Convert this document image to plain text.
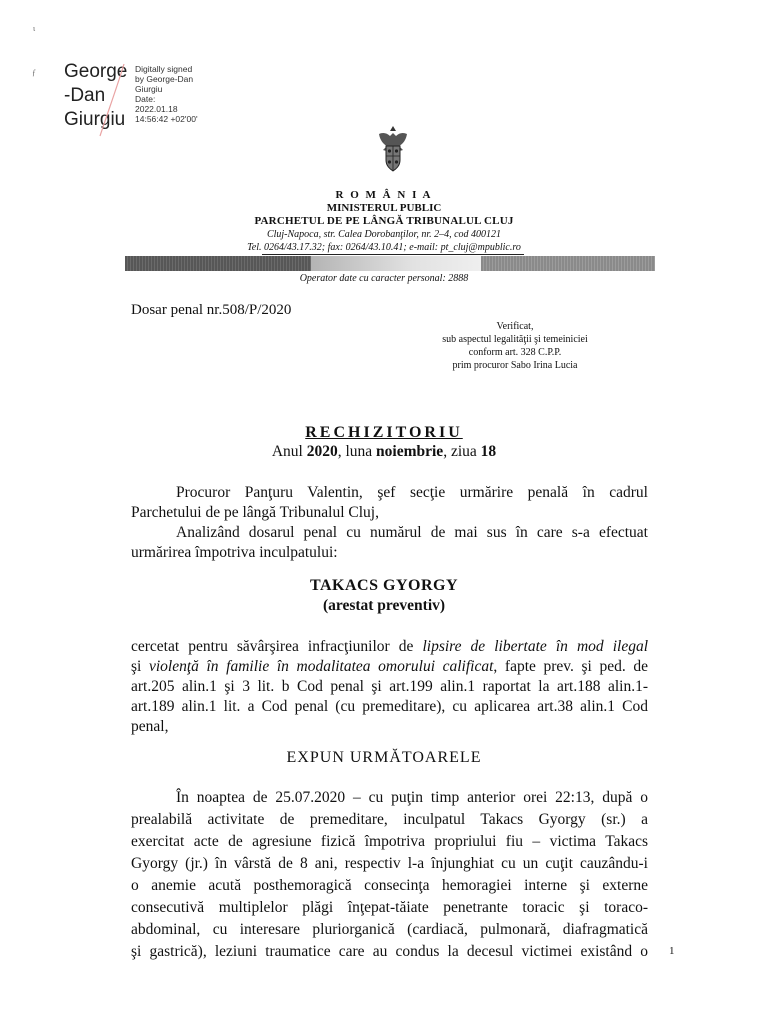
ι
ƒ George
-Dan
Giurgiu
Digitally signed
by George-Dan
Giurgiu
Date:
2022.01.18
14:56:42 +02'00'
R O M Â N I A
MINISTERUL PUBLIC
PARCHETUL DE PE LÂNGĂ TRIBUNALUL CLUJ
Cluj-Napoca, str. Calea Dorobanţilor, nr. 2–4, cod 400121
Tel. 0264/43.17.32; fax: 0264/43.10.41; e-mail: pt_cluj@mpublic.ro
Operator date cu caracter personal: 2888
Dosar penal nr.508/P/2020
Verificat,
sub aspectul legalităţii şi temeiniciei
conform art. 328 C.P.P.
prim procuror Sabo Irina Lucia
RECHIZITORIU
Anul 2020, luna noiembrie, ziua 18
Procuror Panţuru Valentin, şef secţie urmărire penală în cadrul
Parchetului de pe lângă Tribunalul Cluj,
Analizând dosarul penal cu numărul de mai sus în care s-a efectuat
urmărirea împotriva inculpatului:
TAKACS GYORGY
(arestat preventiv)
cercetat pentru săvârşirea infracţiunilor de lipsire de libertate în mod ilegal
şi violenţă în familie în modalitatea omorului calificat, fapte prev. şi ped. de
art.205 alin.1 şi 3 lit. b Cod penal şi art.199 alin.1 raportat la art.188 alin.1-
art.189 alin.1 lit. a Cod penal (cu premeditare), cu aplicarea art.38 alin.1 Cod
penal,
EXPUN URMĂTOARELE
În noaptea de 25.07.2020 – cu puţin timp anterior orei 22:13, după o
prealabilă activitate de premeditare, inculpatul Takacs Gyorgy (sr.) a
exercitat acte de agresiune fizică împotriva propriului fiu – victima Takacs
Gyorgy (jr.) în vârstă de 8 ani, respectiv l-a înjunghiat cu un cuţit cauzându-i
o anemie acută posthemoragică consecinţa hemoragiei interne şi externe
consecutivă multiplelor plăgi înţepat-tăiate penetrante toracic şi toraco-
abdominal, cu interesare pluriorganică (cardiacă, pulmonară, diafragmatică
şi gastrică), leziuni traumatice care au condus la decesul victimei existând o 1
